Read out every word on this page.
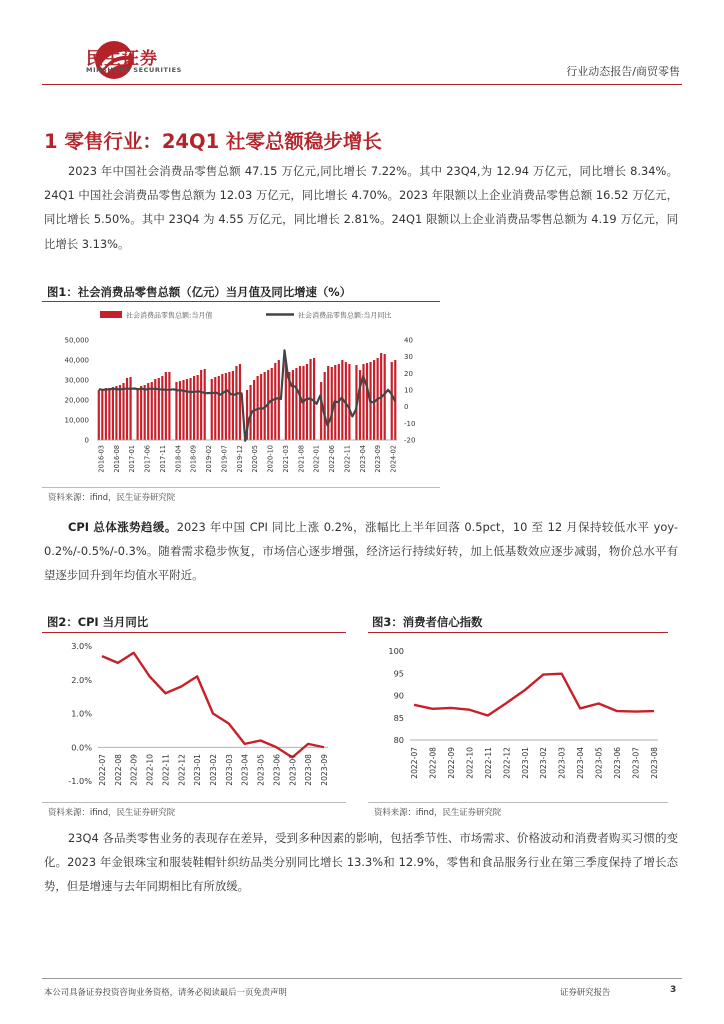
民生证券
MINSHENG SECURITIES	行业动态报告/商贸零售
1 零售行业：24Q1 社零总额稳步增长
2023 年中国社会消费品零售总额 47.15 万亿元,同比增长 7.22%。其中 23Q4,为 12.94 万亿元，同比增长 8.34%。24Q1 中国社会消费品零售总额为 12.03 万亿元，同比增长 4.70%。2023 年限额以上企业消费品零售总额 16.52 万亿元，同比增长 5.50%。其中 23Q4 为 4.55 万亿元，同比增长 2.81%。24Q1 限额以上企业消费品零售总额为 4.19 万亿元，同比增长 3.13%。
图1：社会消费品零售总额（亿元）当月值及同比增速（%）
社会消费品零售总额:当月值	社会消费品零售总额:当月同比
0
10,000
20,000
30,000
40,000
50,000
-20
-10
0
10
20
30
40
2016-03 2016-08 2017-01 2017-06 2017-11 2018-04 2018-09 2019-02 2019-07 2019-12 2020-05 2020-10 2021-03 2021-08 2022-01 2022-06 2022-11 2023-04 2023-09 2024-02
资料来源：ifind，民生证券研究院
CPI 总体涨势趋缓。2023 年中国 CPI 同比上涨 0.2%，涨幅比上半年回落 0.5pct，10 至 12 月保持较低水平 yoy-0.2%/-0.5%/-0.3%。随着需求稳步恢复，市场信心逐步增强，经济运行持续好转，加上低基数效应逐步减弱，物价总水平有望逐步回升到年均值水平附近。
图2：CPI 当月同比
-1.0%
0.0%
1.0%
2.0%
3.0%
2022-07 2022-08 2022-09 2022-10 2022-11 2022-12 2023-01 2023-02 2023-03 2023-04 2023-05 2023-06 2023-07 2023-08 2023-09
资料来源：ifind，民生证券研究院
图3：消费者信心指数
80
85
90
95
100
2022-07 2022-08 2022-09 2022-10 2022-11 2022-12 2023-01 2023-02 2023-03 2023-04 2023-05 2023-06 2023-07 2023-08
资料来源：ifind，民生证券研究院
23Q4 各品类零售业务的表现存在差异，受到多种因素的影响，包括季节性、市场需求、价格波动和消费者购买习惯的变化。2023 年金银珠宝和服装鞋帽针织纺品类分别同比增长 13.3%和 12.9%，零售和食品服务行业在第三季度保持了增长态势，但是增速与去年同期相比有所放缓。
本公司具备证券投资咨询业务资格，请务必阅读最后一页免责声明	证券研究报告	3
